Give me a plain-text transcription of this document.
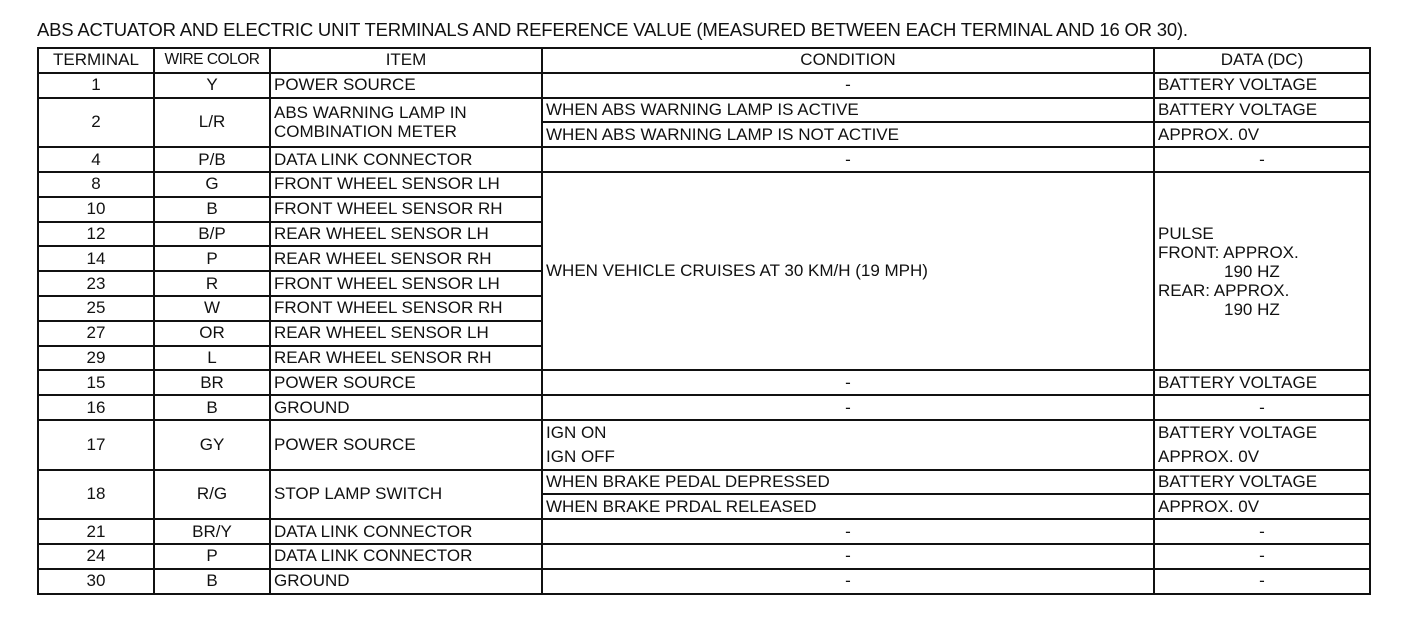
ABS ACTUATOR AND ELECTRIC UNIT TERMINALS AND REFERENCE VALUE (MEASURED BETWEEN EACH TERMINAL AND 16 OR 30).
TERMINAL	WIRE COLOR	ITEM	CONDITION	DATA (DC)
1	Y	POWER SOURCE	-	BATTERY VOLTAGE
2	L/R	ABS WARNING LAMP IN
COMBINATION METER	WHEN ABS WARNING LAMP IS ACTIVE	BATTERY VOLTAGE
			WHEN ABS WARNING LAMP IS NOT ACTIVE	APPROX. 0V
4	P/B	DATA LINK CONNECTOR	-	-
8	G	FRONT WHEEL SENSOR LH	WHEN VEHICLE CRUISES AT 30 KM/H (19 MPH)	PULSE
FRONT: APPROX.
190 HZ
REAR: APPROX.
190 HZ

10	B	FRONT WHEEL SENSOR RH		
12	B/P	REAR WHEEL SENSOR LH		
14	P	REAR WHEEL SENSOR RH		
23	R	FRONT WHEEL SENSOR LH		
25	W	FRONT WHEEL SENSOR RH		
27	OR	REAR WHEEL SENSOR LH		
29	L	REAR WHEEL SENSOR RH		
15	BR	POWER SOURCE	-	BATTERY VOLTAGE
16	B	GROUND	-	-
17	GY	POWER SOURCE	IGN ON	BATTERY VOLTAGE
			IGN OFF	APPROX. 0V
18	R/G	STOP LAMP SWITCH	WHEN BRAKE PEDAL DEPRESSED	BATTERY VOLTAGE
			WHEN BRAKE PRDAL RELEASED	APPROX. 0V
21	BR/Y	DATA LINK CONNECTOR	-	-
24	P	DATA LINK CONNECTOR	-	-
30	B	GROUND	-	-
